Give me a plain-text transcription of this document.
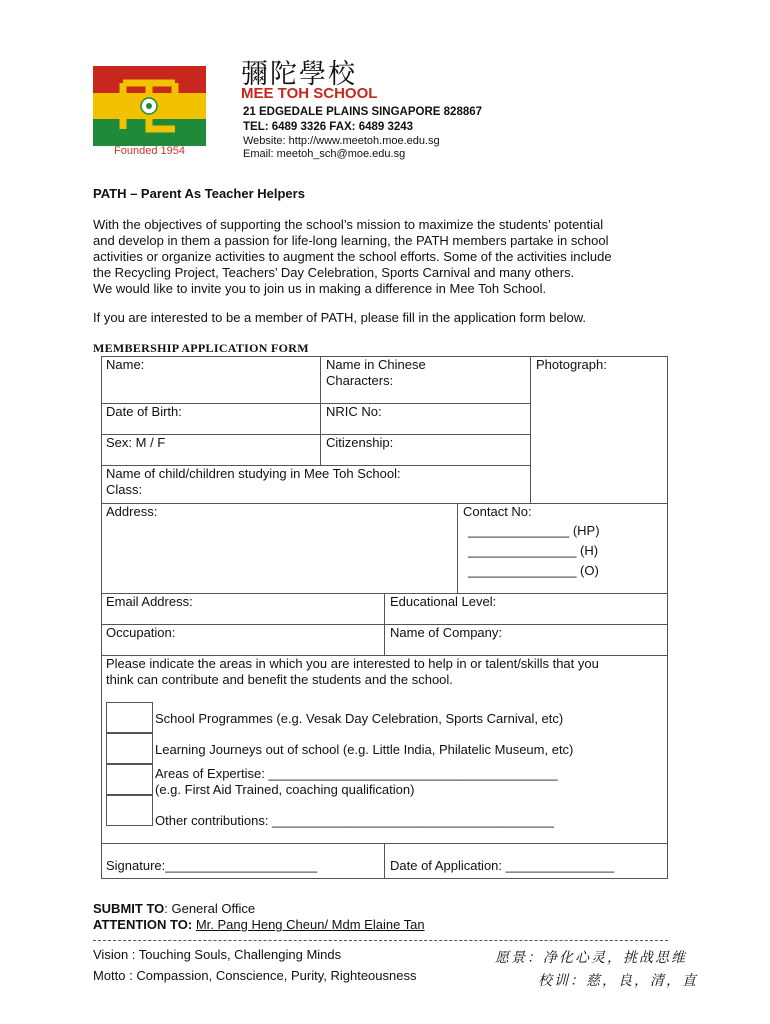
Founded 1954
彌陀學校
MEE TOH SCHOOL
21 EDGEDALE PLAINS SINGAPORE 828867
TEL: 6489 3326 FAX: 6489 3243
Website: http://www.meetoh.moe.edu.sg
Email: meetoh_sch@moe.edu.sg
PATH – Parent As Teacher Helpers

With the objectives of supporting the school’s mission to maximize the students’ potential

and develop in them a passion for life-long learning, the PATH members partake in school

activities or organize activities to augment the school efforts. Some of the activities include

the Recycling Project, Teachers’ Day Celebration, Sports Carnival and many others.

We would like to invite you to join us in making a difference in Mee Toh School.

If you are interested to be a member of PATH, please fill in the application form below.
MEMBERSHIP APPLICATION FORM
Name:	Name in Chinese
Characters:
Photograph:
Date of Birth:	NRIC No:
Sex: M / F	Citizenship:
Name of child/children studying in Mee Toh School:
Class:
Address:	Contact No:
______________ (HP)
_______________ (H)
_______________ (O)
Email Address:	Educational Level:
Occupation:	Name of Company:
Please indicate the areas in which you are interested to help in or talent/skills that you
think can contribute and benefit the students and the school.
School Programmes (e.g. Vesak Day Celebration, Sports Carnival, etc)
Learning Journeys out of school (e.g. Little India, Philatelic Museum, etc)
Areas of Expertise: ________________________________________
(e.g. First Aid Trained, coaching qualification)
Other contributions: _______________________________________
Signature:_____________________	Date of Application: _______________
SUBMIT TO: General Office
ATTENTION TO: Mr. Pang Heng Cheun/ Mdm Elaine Tan
Vision : Touching Souls, Challenging Minds
Motto : Compassion, Conscience, Purity, Righteousness
愿景：净化心灵，挑战思维
校训：慈，良，清，直
